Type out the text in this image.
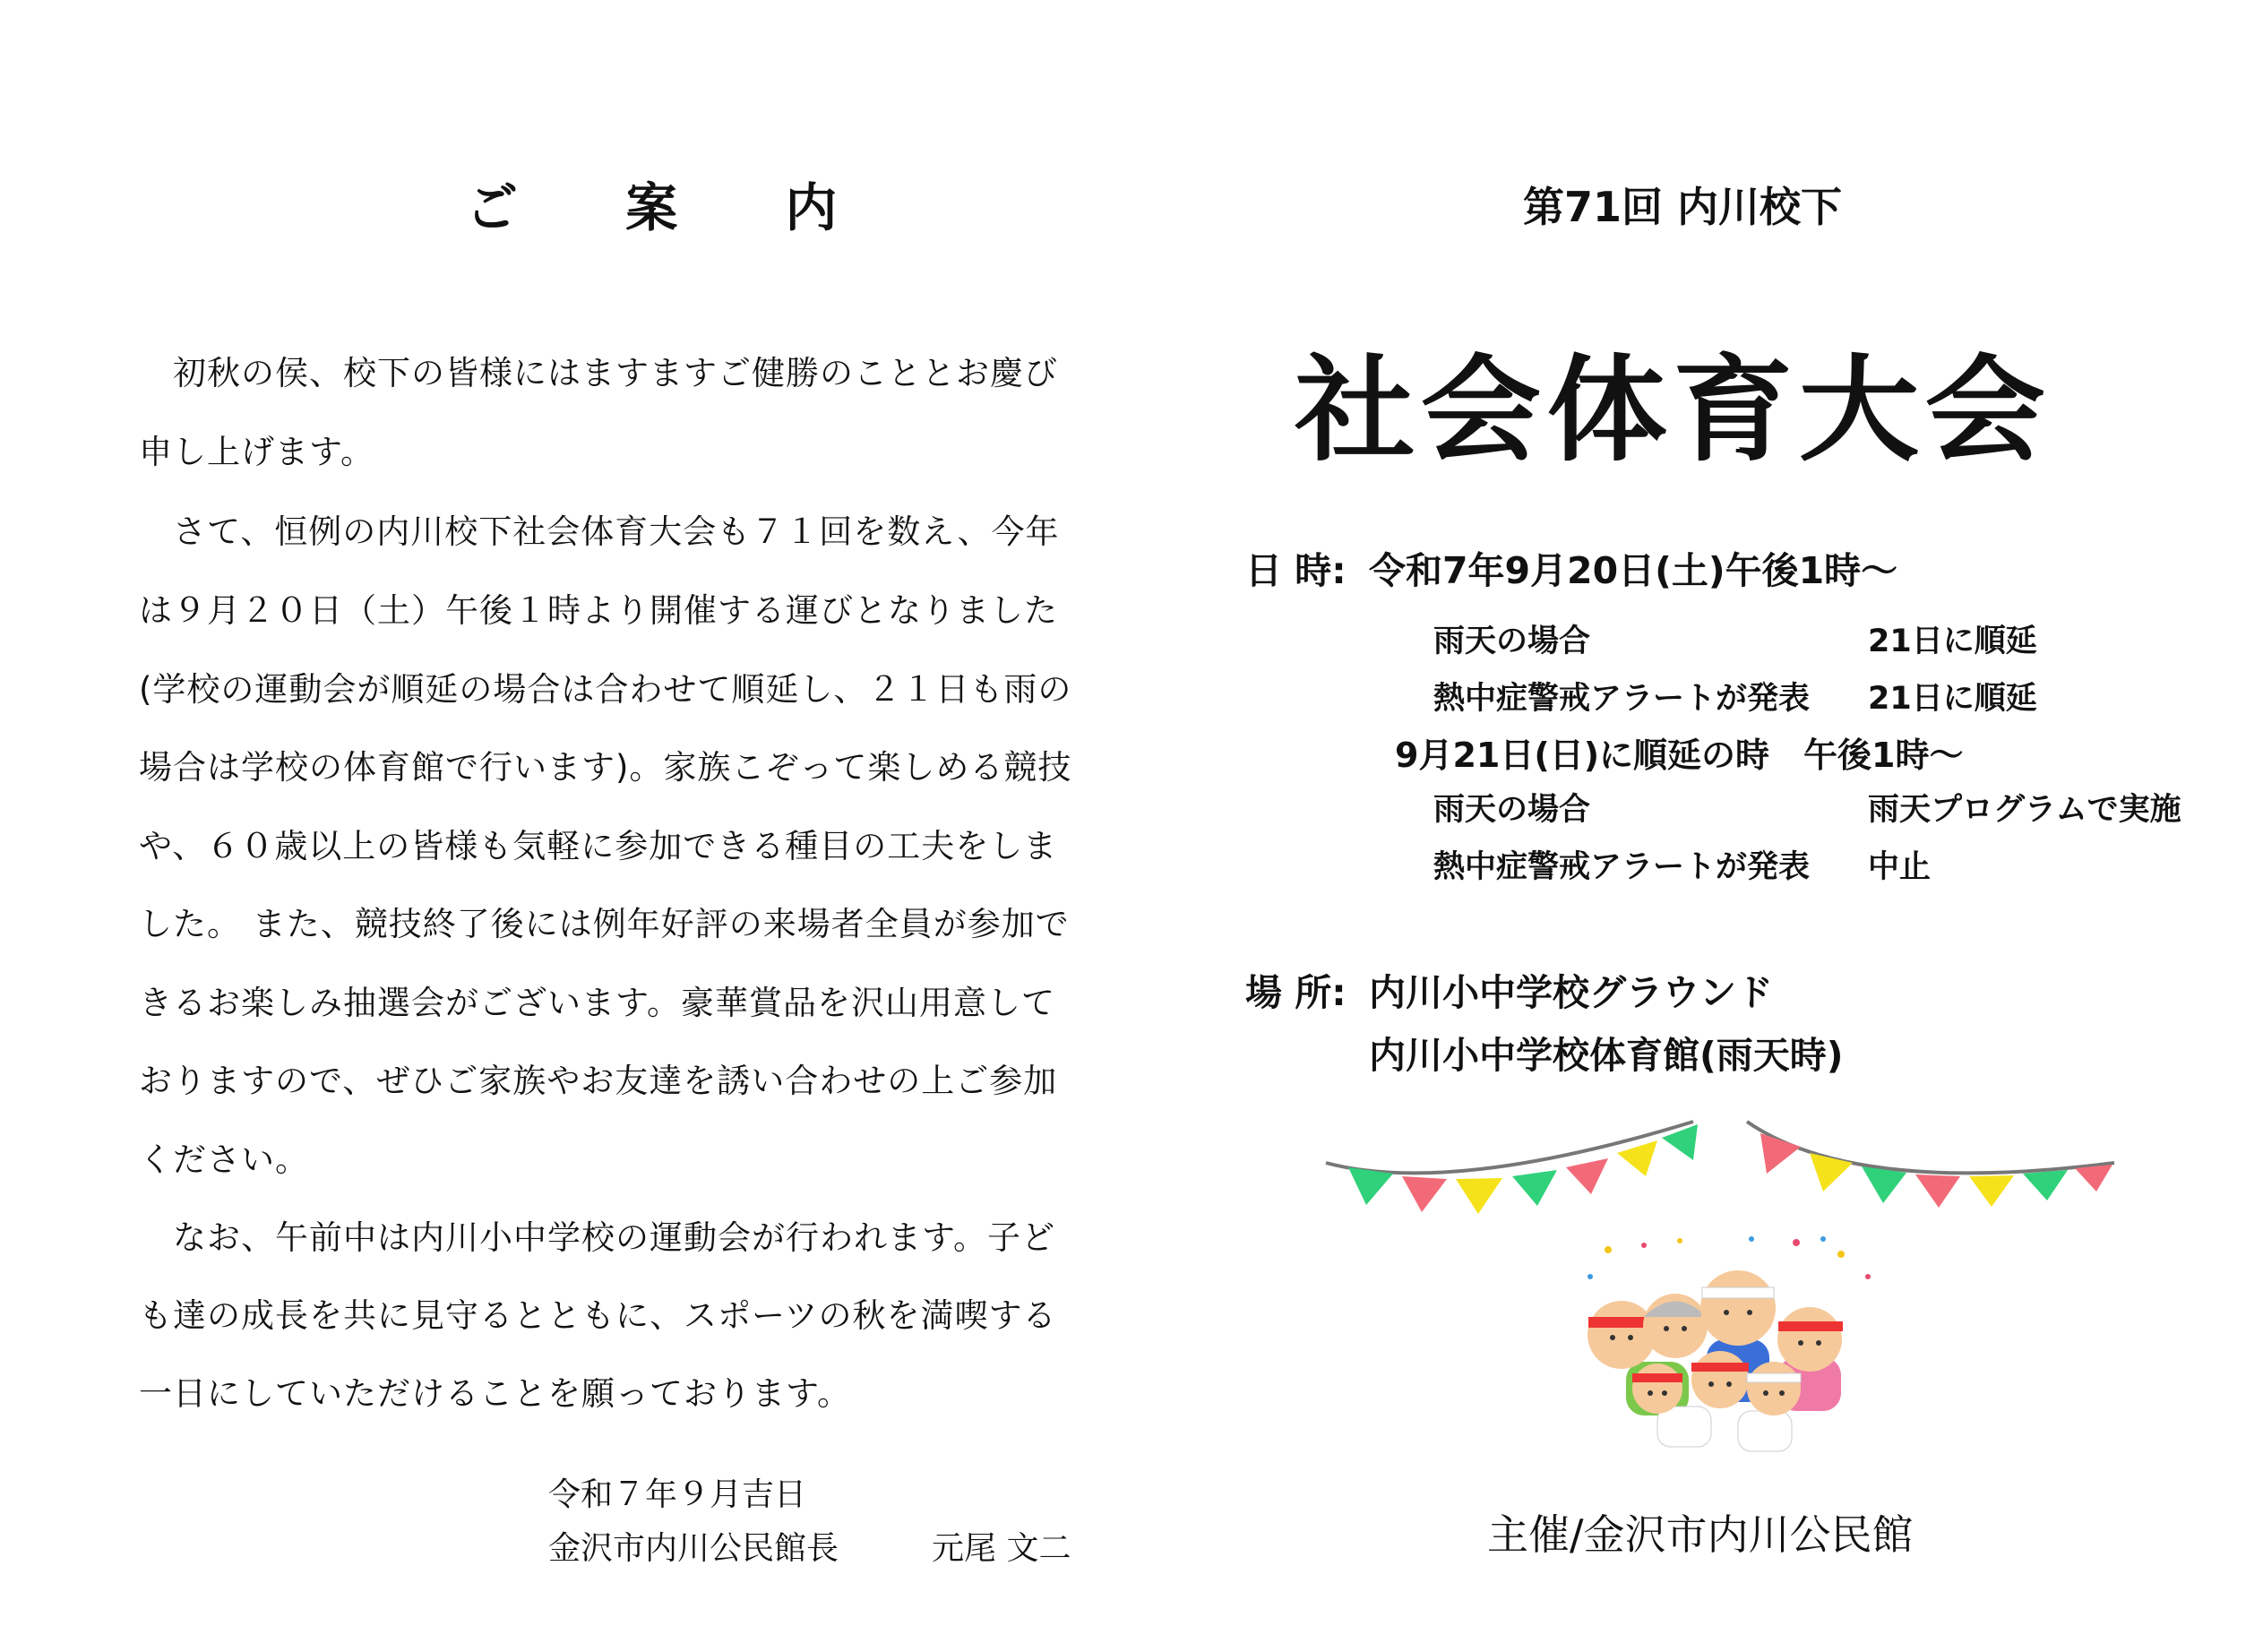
ご 案 内
　初秋の侯、校下の皆様にはますますご健勝のこととお慶び
申し上げます。
　さて、恒例の内川校下社会体育大会も７１回を数え、今年
は９月２０日（土）午後１時より開催する運びとなりました
(学校の運動会が順延の場合は合わせて順延し、２１日も雨の
場合は学校の体育館で行います)。家族こぞって楽しめる競技
や、６０歳以上の皆様も気軽に参加できる種目の工夫をしま
した。 また、競技終了後には例年好評の来場者全員が参加で
きるお楽しみ抽選会がございます。豪華賞品を沢山用意して
おりますので、ぜひご家族やお友達を誘い合わせの上ご参加
ください。
　なお、午前中は内川小中学校の運動会が行われます。子ど
も達の成長を共に見守るとともに、スポーツの秋を満喫する
一日にしていただけることを願っております。
令和７年９月吉日
金沢市内川公民館長	元尾 文二
第71回 内川校下
社会体育大会
日 時: 令和7年9月20日(土)午後1時～
雨天の場合	21日に順延
熱中症警戒アラートが発表 21日に順延
9月21日(日)に順延の時　午後1時～
雨天の場合	雨天プログラムで実施
熱中症警戒アラートが発表 中止
場 所: 内川小中学校グラウンド
内川小中学校体育館(雨天時)
主催/金沢市内川公民館
